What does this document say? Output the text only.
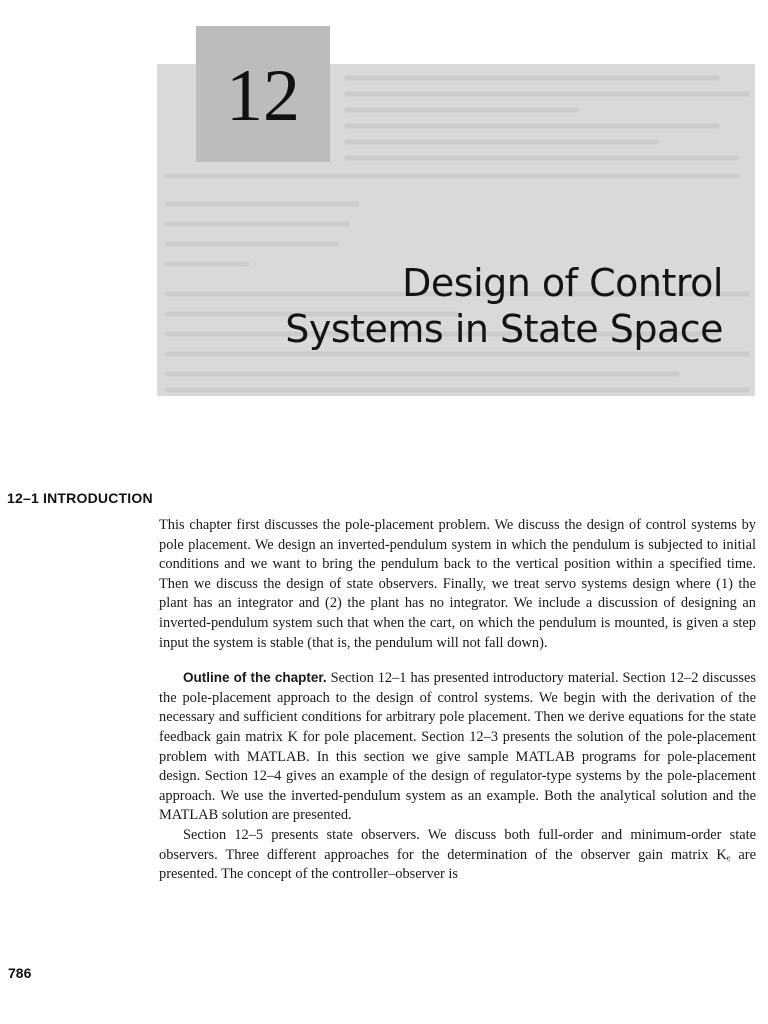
Design of Control
Systems in State Space
12
12–1 INTRODUCTION

This chapter first discusses the pole-placement problem. We discuss the design of control systems by pole placement. We design an inverted-pendulum system in which the pendulum is subjected to initial conditions and we want to bring the pendulum back to the vertical position within a specified time. Then we discuss the design of state observers. Finally, we treat servo systems design where (1) the plant has an integrator and (2) the plant has no integrator. We include a discussion of designing an inverted-pendulum system such that when the cart, on which the pendulum is mounted, is given a step input the system is stable (that is, the pendulum will not fall down).

Outline of the chapter. Section 12–1 has presented introductory material. Section 12–2 discusses the pole-placement approach to the design of control systems. We begin with the derivation of the necessary and sufficient conditions for arbitrary pole placement. Then we derive equations for the state feedback gain matrix K for pole placement. Section 12–3 presents the solution of the pole-placement problem with MATLAB. In this section we give sample MATLAB programs for pole-placement design. Section 12–4 gives an example of the design of regulator-type systems by the pole-placement approach. We use the inverted-pendulum system as an example. Both the analytical solution and the MATLAB solution are presented.

Section 12–5 presents state observers. We discuss both full-order and minimum-order state observers. Three different approaches for the determination of the observer gain matrix Kₑ are presented. The concept of the controller–observer is

786
